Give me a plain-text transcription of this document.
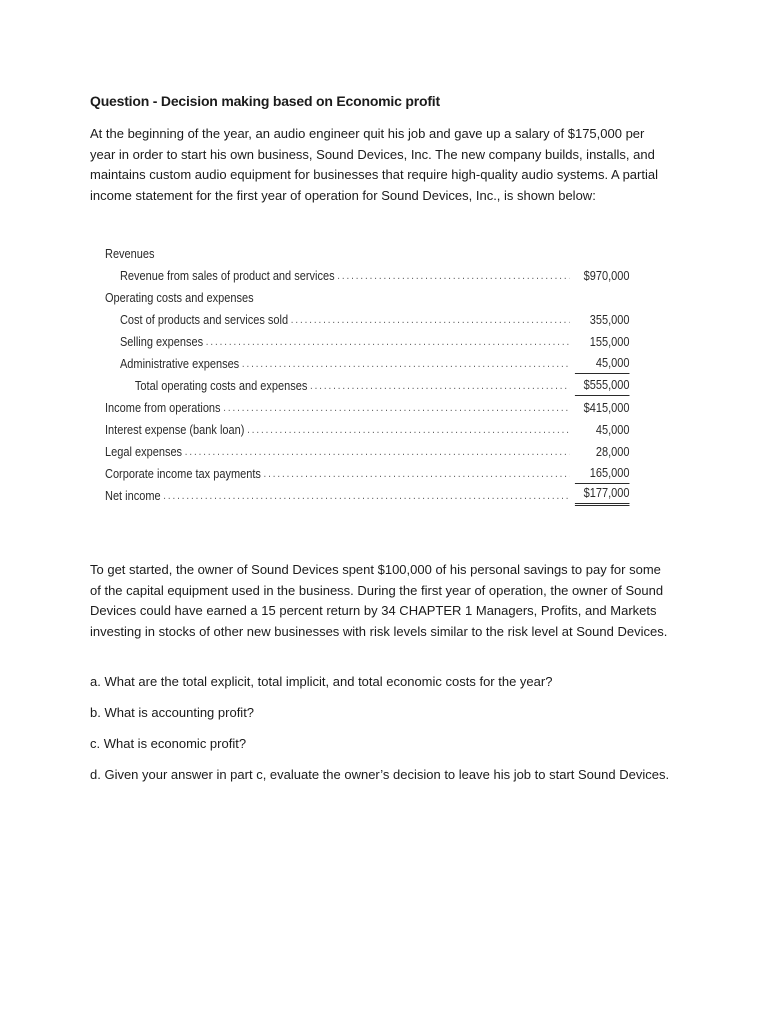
Question - Decision making based on Economic profit

At the beginning of the year, an audio engineer quit his job and gave up a salary of $175,000 per year in order to start his own business, Sound Devices, Inc. The new company builds, installs, and maintains custom audio equipment for businesses that require high-quality audio systems. A partial income statement for the first year of operation for Sound Devices, Inc., is shown below:

Revenues
Revenue from sales of product and services .....	$970,000
Operating costs and expenses
Cost of products and services sold .....	355,000
Selling expenses .....	155,000
Administrative expenses .....	45,000
Total operating costs and expenses .....	$555,000
Income from operations .....	$415,000
Interest expense (bank loan) .....	45,000
Legal expenses .....	28,000
Corporate income tax payments .....	165,000
Net income .....	$177,000

To get started, the owner of Sound Devices spent $100,000 of his personal savings to pay for some of the capital equipment used in the business. During the first year of operation, the owner of Sound Devices could have earned a 15 percent return by 34 CHAPTER 1 Managers, Profits, and Markets investing in stocks of other new businesses with risk levels similar to the risk level at Sound Devices.

a. What are the total explicit, total implicit, and total economic costs for the year?

b. What is accounting profit?

c. What is economic profit?

d. Given your answer in part c, evaluate the owner’s decision to leave his job to start Sound Devices.
